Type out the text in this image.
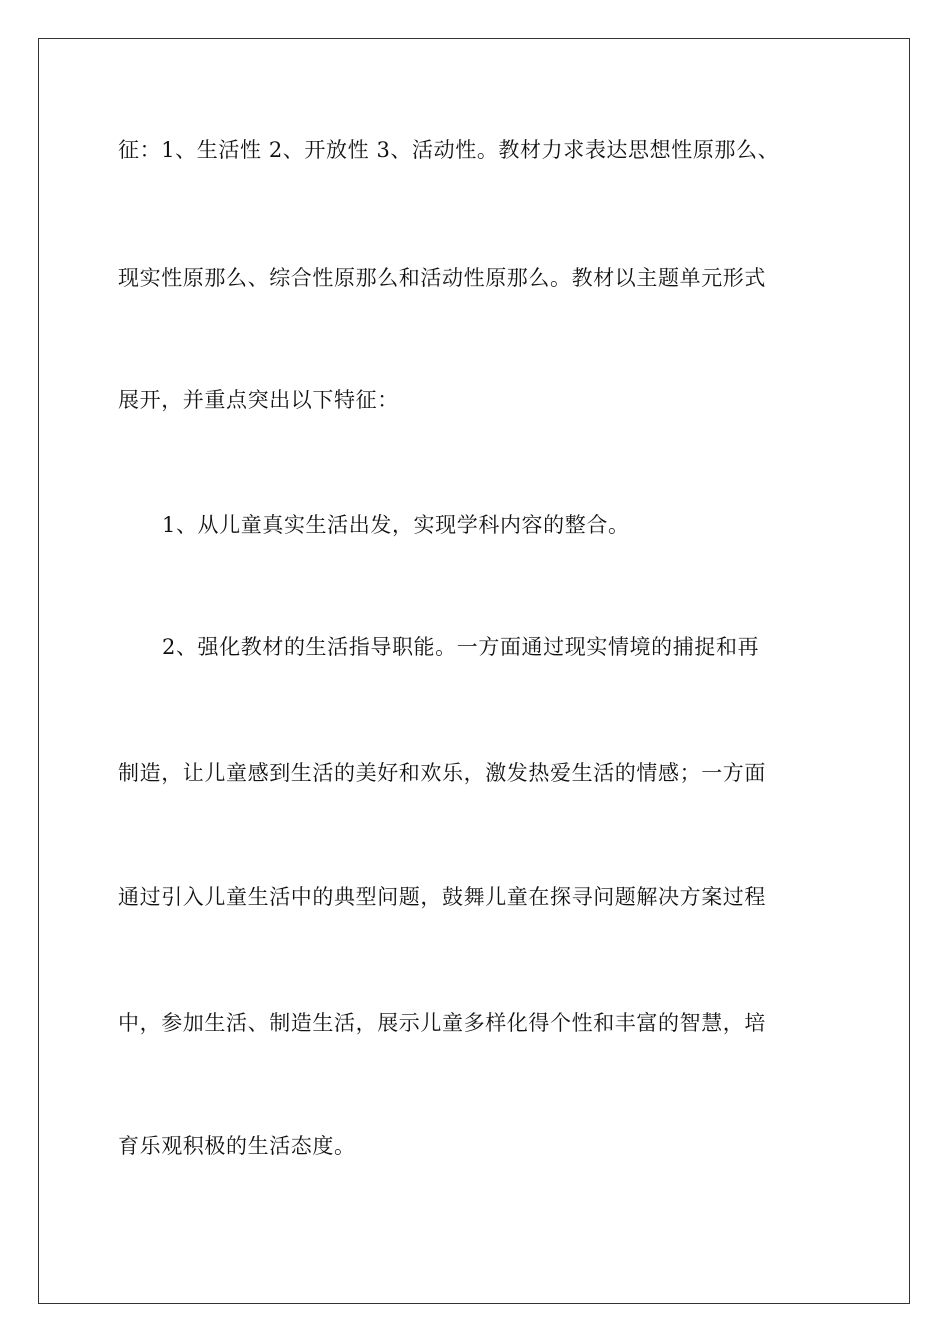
征：1、生活性 2、开放性 3、活动性。教材力求表达思想性原那么、
现实性原那么、综合性原那么和活动性原那么。教材以主题单元形式
展开，并重点突出以下特征：
1、从儿童真实生活出发，实现学科内容的整合。
2、强化教材的生活指导职能。一方面通过现实情境的捕捉和再
制造，让儿童感到生活的美好和欢乐，激发热爱生活的情感；一方面
通过引入儿童生活中的典型问题，鼓舞儿童在探寻问题解决方案过程
中，参加生活、制造生活，展示儿童多样化得个性和丰富的智慧，培
育乐观积极的生活态度。
